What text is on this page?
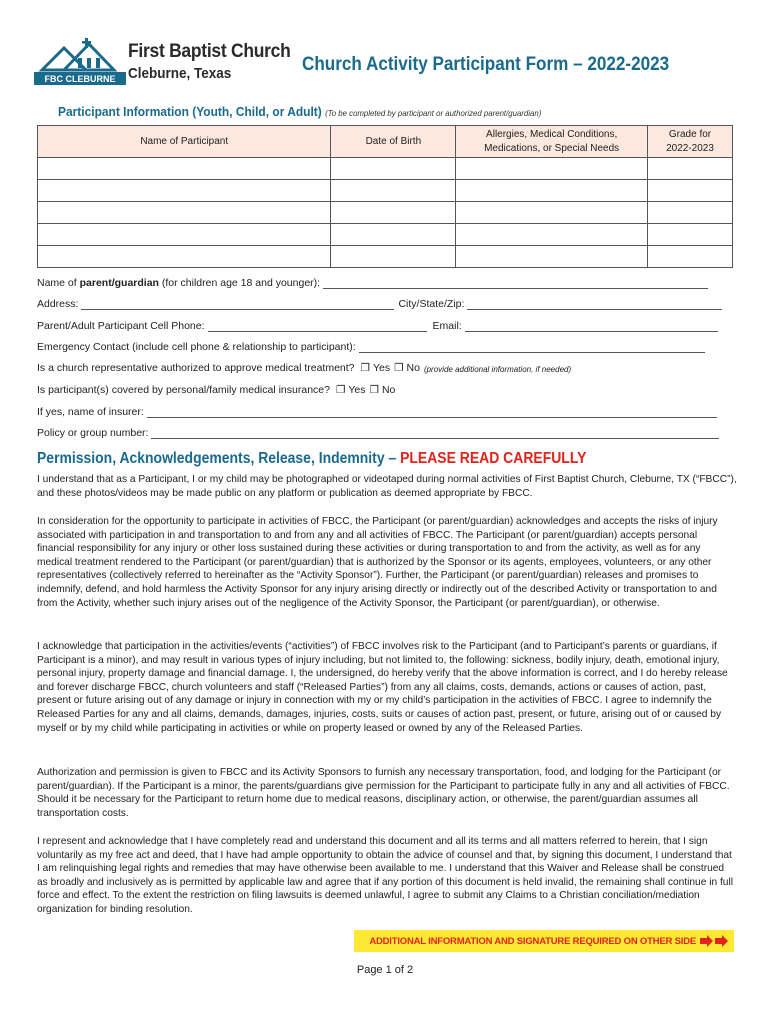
FBC CLEBURNE
First Baptist Church
Cleburne, Texas	Church Activity Participant Form – 2022-2023
Participant Information (Youth, Child, or Adult) (To be completed by participant or authorized parent/guardian)
Name of Participant	Date of Birth	Allergies, Medical Conditions, Medications, or Special Needs	Grade for 2022-2023

Name of parent/guardian (for children age 18 and younger):
Address:	City/State/Zip:
Parent/Adult Participant Cell Phone:	Email:
Emergency Contact (include cell phone & relationship to participant):
Is a church representative authorized to approve medical treatment? ❐ Yes ❐ No (provide additional information, if needed)
Is participant(s) covered by personal/family medical insurance? ❐ Yes ❐ No
If yes, name of insurer:
Policy or group number:
Permission, Acknowledgements, Release, Indemnity – PLEASE READ CAREFULLY

I understand that as a Participant, I or my child may be photographed or videotaped during normal activities of First Baptist Church, Cleburne, TX (“FBCC”), and these photos/videos may be made public on any platform or publication as deemed appropriate by FBCC.

In consideration for the opportunity to participate in activities of FBCC, the Participant (or parent/guardian) acknowledges and accepts the risks of injury associated with participation in and transportation to and from any and all activities of FBCC. The Participant (or parent/guardian) accepts personal financial responsibility for any injury or other loss sustained during these activities or during transportation to and from the activity, as well as for any medical treatment rendered to the Participant (or parent/guardian) that is authorized by the Sponsor or its agents, employees, volunteers, or any other representatives (collectively referred to hereinafter as the “Activity Sponsor”). Further, the Participant (or parent/guardian) releases and promises to indemnify, defend, and hold harmless the Activity Sponsor for any injury arising directly or indirectly out of the described Activity or transportation to and from the Activity, whether such injury arises out of the negligence of the Activity Sponsor, the Participant (or parent/guardian), or otherwise.

I acknowledge that participation in the activities/events (“activities”) of FBCC involves risk to the Participant (and to Participant’s parents or guardians, if Participant is a minor), and may result in various types of injury including, but not limited to, the following: sickness, bodily injury, death, emotional injury, personal injury, property damage and financial damage. I, the undersigned, do hereby verify that the above information is correct, and I do hereby release and forever discharge FBCC, church volunteers and staff (“Released Parties”) from any all claims, costs, demands, actions or causes of action, past, present or future arising out of any damage or injury in connection with my or my child’s participation in the activities of FBCC. I agree to indemnify the Released Parties for any and all claims, demands, damages, injuries, costs, suits or causes of action past, present, or future, arising out of or caused by myself or by my child while participating in activities or while on property leased or owned by any of the Released Parties.

Authorization and permission is given to FBCC and its Activity Sponsors to furnish any necessary transportation, food, and lodging for the Participant (or parent/guardian). If the Participant is a minor, the parents/guardians give permission for the Participant to participate fully in any and all activities of FBCC. Should it be necessary for the Participant to return home due to medical reasons, disciplinary action, or otherwise, the parent/guardian assumes all transportation costs.

I represent and acknowledge that I have completely read and understand this document and all its terms and all matters referred to herein, that I sign voluntarily as my free act and deed, that I have had ample opportunity to obtain the advice of counsel and that, by signing this document, I understand that I am relinquishing legal rights and remedies that may have otherwise been available to me. I understand that this Waiver and Release shall be construed as broadly and inclusively as is permitted by applicable law and agree that if any portion of this document is held invalid, the remaining shall continue in full force and effect. To the extent the restriction on filing lawsuits is deemed unlawful, I agree to submit any Claims to a Christian conciliation/mediation organization for binding resolution.

ADDITIONAL INFORMATION AND SIGNATURE REQUIRED ON OTHER SIDE
Page 1 of 2
